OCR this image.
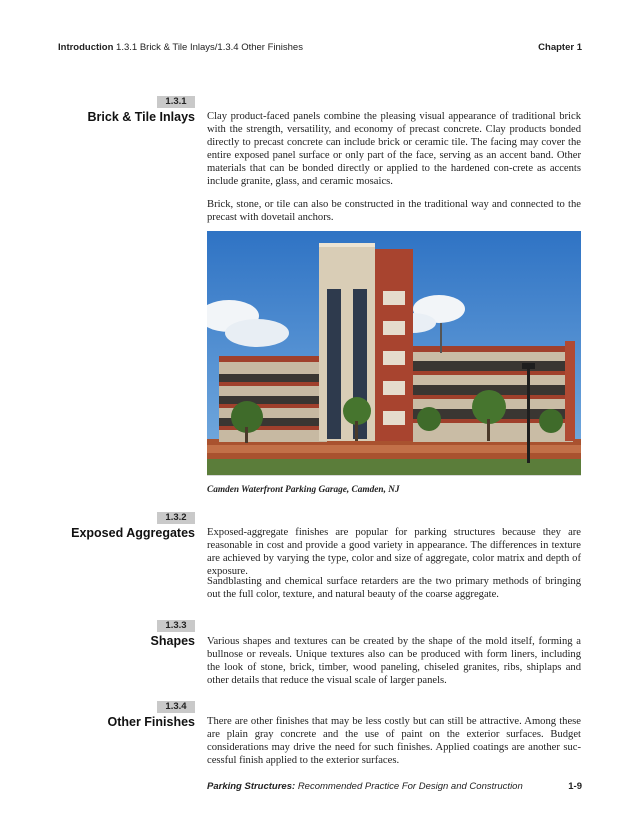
Introduction 1.3.1 Brick & Tile Inlays/1.3.4 Other Finishes	Chapter 1
1.3.1
Brick & Tile Inlays Clay product-faced panels combine the pleasing visual appearance of traditional brick with the strength, versatility, and economy of precast concrete. Clay products bonded directly to precast concrete can include brick or ceramic tile. The facing may cover the entire exposed panel surface or only part of the face, serving as an accent band. Other materials that can be bonded directly or applied to the hardened con-crete as accents include granite, glass, and ceramic mosaics.

Brick, stone, or tile can also be constructed in the traditional way and connected to the precast with dovetail anchors.

Camden Waterfront Parking Garage, Camden, NJ
1.3.2
Exposed Aggregates Exposed-aggregate finishes are popular for parking structures because they are reasonable in cost and provide a good variety in appearance. The differences in texture are achieved by varying the type, color and size of aggregate, color matrix and depth of exposure.

Sandblasting and chemical surface retarders are the two primary methods of bringing out the full color, texture, and natural beauty of the coarse aggregate.

1.3.3
Shapes Various shapes and textures can be created by the shape of the mold itself, forming a bullnose or reveals. Unique textures also can be produced with form liners, including the look of stone, brick, timber, wood paneling, chiseled granites, ribs, shiplaps and other details that reduce the visual scale of larger panels.

1.3.4
Other Finishes There are other finishes that may be less costly but can still be attractive. Among these are plain gray concrete and the use of paint on the exterior surfaces. Budget considerations may drive the need for such finishes. Applied coatings are another suc-cessful finish applied to the exterior surfaces.

Parking Structures: Recommended Practice For Design and Construction	1-9
